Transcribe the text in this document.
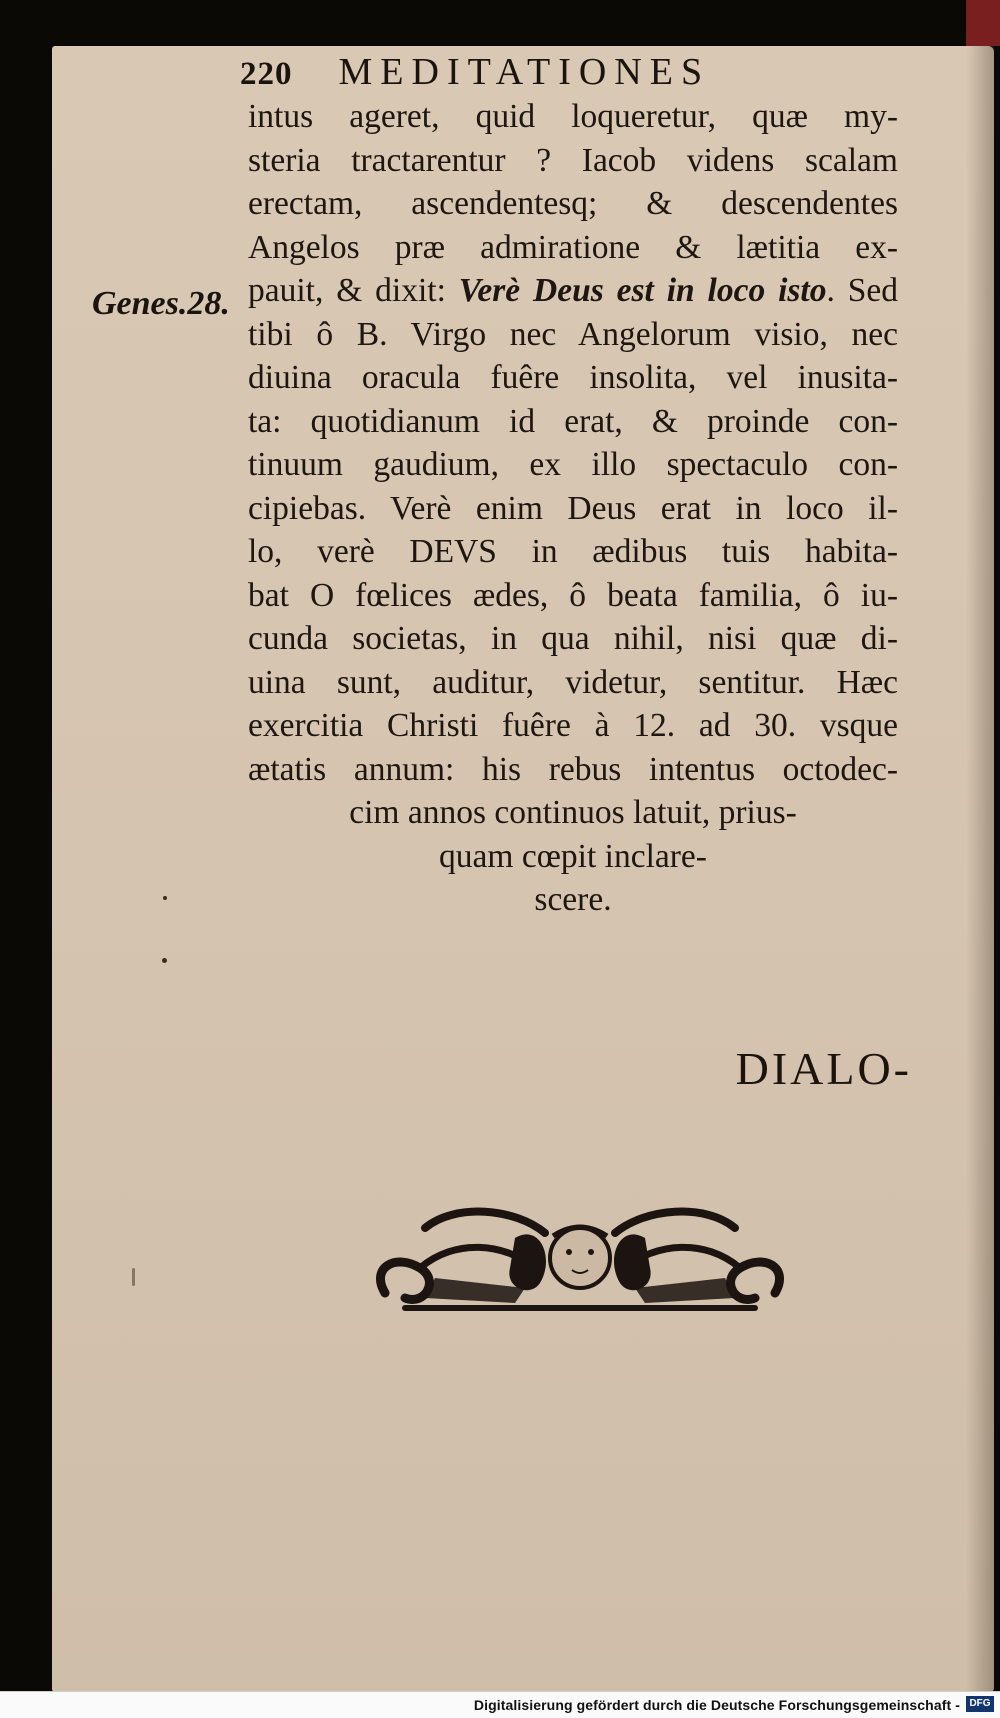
220 MEDITATIONES
Genes.28.
intus ageret, quid loqueretur, quæ my-
steria tractarentur ? Iacob videns scalam
erectam, ascendentesq; & descendentes
Angelos præ admiratione & lætitia ex-
pauit, & dixit: Verè Deus est in loco isto. Sed
tibi ô B. Virgo nec Angelorum visio, nec
diuina oracula fuêre insolita, vel inusita-
ta: quotidianum id erat, & proinde con-
tinuum gaudium, ex illo spectaculo con-
cipiebas. Verè enim Deus erat in loco il-
lo, verè DEVS in ædibus tuis habita-
bat O fœlices ædes, ô beata familia, ô iu-
cunda societas, in qua nihil, nisi quæ di-
uina sunt, auditur, videtur, sentitur. Hæc
exercitia Christi fuêre à 12. ad 30. vsque
ætatis annum: his rebus intentus octodec-
cim annos continuos latuit, prius-
quam cœpit inclare-
scere.
DIALO-
Digitalisierung gefördert durch die Deutsche Forschungsgemeinschaft - DFG
